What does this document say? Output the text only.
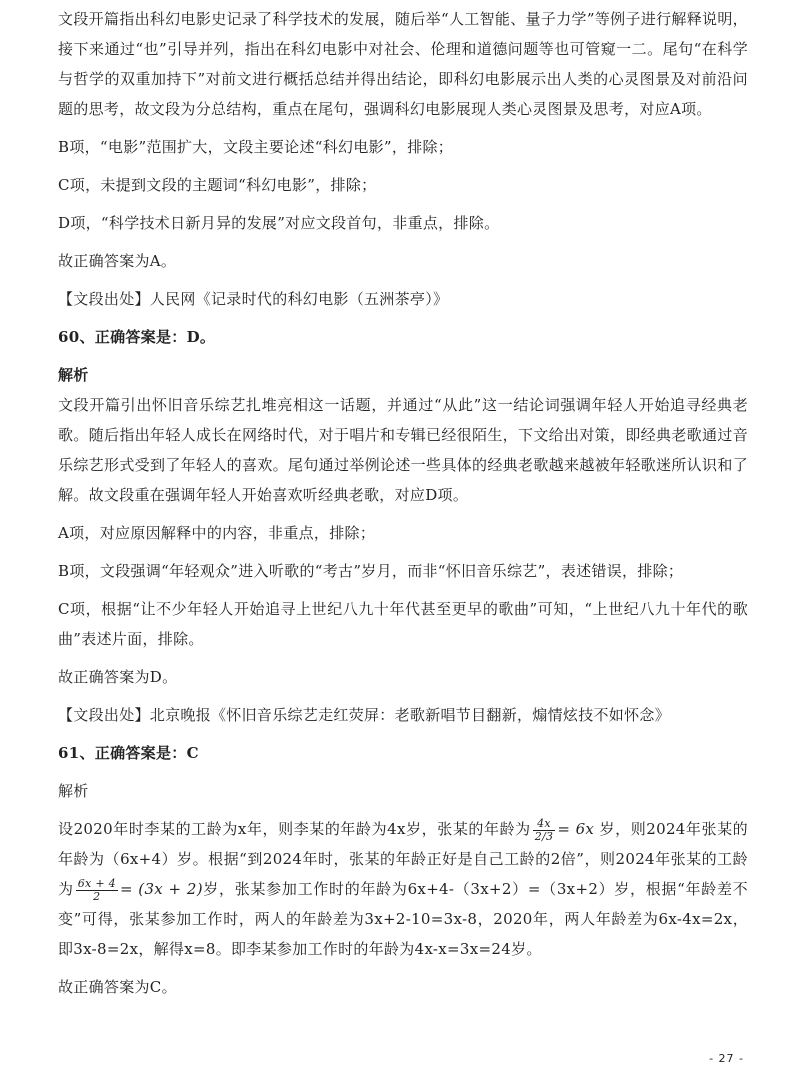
文段开篇指出科幻电影史记录了科学技术的发展，随后举“人工智能、量子力学”等例子进行解释说明，接下来通过“也”引导并列，指出在科幻电影中对社会、伦理和道德问题等也可管窥一二。尾句“在科学与哲学的双重加持下”对前文进行概括总结并得出结论，即科幻电影展示出人类的心灵图景及对前沿问题的思考，故文段为分总结构，重点在尾句，强调科幻电影展现人类心灵图景及思考，对应A项。

B项，“电影”范围扩大，文段主要论述“科幻电影”，排除；

C项，未提到文段的主题词“科幻电影”，排除；

D项，“科学技术日新月异的发展”对应文段首句，非重点，排除。

故正确答案为A。

【文段出处】人民网《记录时代的科幻电影（五洲茶亭）》

60、正确答案是：D。

解析

文段开篇引出怀旧音乐综艺扎堆亮相这一话题，并通过“从此”这一结论词强调年轻人开始追寻经典老歌。随后指出年轻人成长在网络时代，对于唱片和专辑已经很陌生，下文给出对策，即经典老歌通过音乐综艺形式受到了年轻人的喜欢。尾句通过举例论述一些具体的经典老歌越来越被年轻歌迷所认识和了解。故文段重在强调年轻人开始喜欢听经典老歌，对应D项。

A项，对应原因解释中的内容，非重点，排除；

B项，文段强调“年轻观众”进入听歌的“考古”岁月，而非“怀旧音乐综艺”，表述错误，排除；

C项，根据“让不少年轻人开始追寻上世纪八九十年代甚至更早的歌曲”可知，“上世纪八九十年代的歌曲”表述片面，排除。

故正确答案为D。

【文段出处】北京晚报《怀旧音乐综艺走红荧屏：老歌新唱节目翻新，煽情炫技不如怀念》

61、正确答案是：C

解析

设2020年时李某的工龄为x年，则李某的年龄为4x岁，张某的年龄为 $\frac{4x}{2/3} = 6x$ 岁，则2024年张某的年龄为（6x+4）岁。根据“到2024年时，张某的年龄正好是自己工龄的2倍”，则2024年张某的工龄为 $\frac{6x + 4}{2} = (3x + 2)$岁，张某参加工作时的年龄为6x+4-（3x+2）=（3x+2）岁，根据“年龄差不变”可得，张某参加工作时，两人的年龄差为3x+2-10=3x-8，2020年，两人年龄差为6x-4x=2x，即3x-8=2x，解得x=8。即李某参加工作时的年龄为4x-x=3x=24岁。

故正确答案为C。

- 27 -
